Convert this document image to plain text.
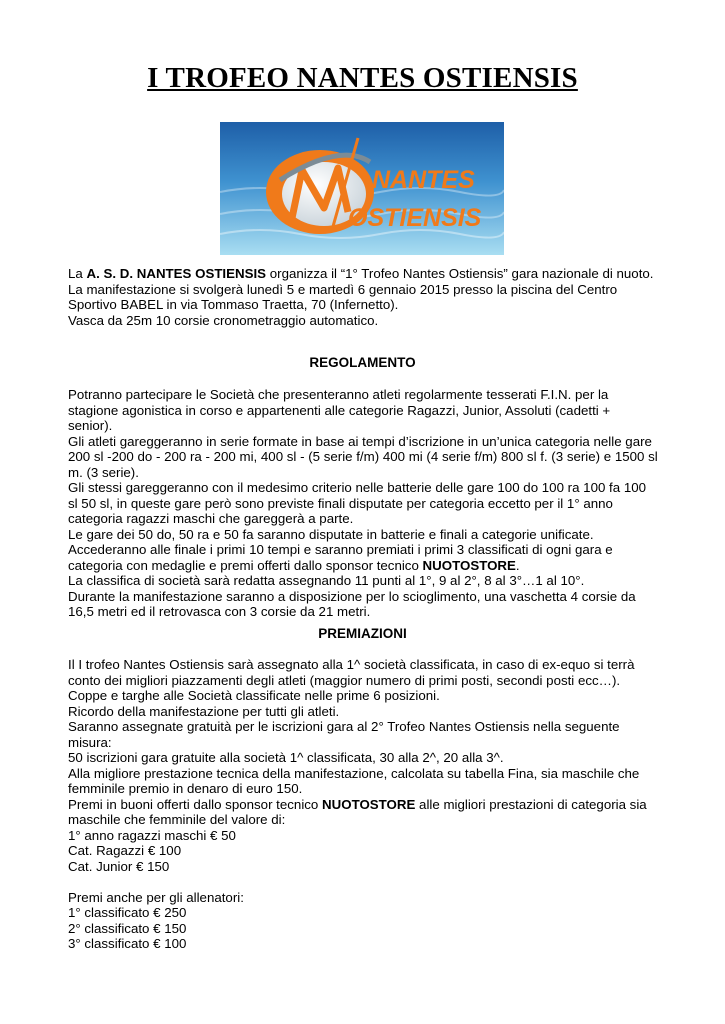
I TROFEO NANTES OSTIENSIS
NANTES
OSTIENSIS

La A. S. D. NANTES OSTIENSIS organizza il “1° Trofeo Nantes Ostiensis” gara nazionale di nuoto.

La manifestazione si svolgerà lunedì 5 e martedì 6 gennaio 2015 presso la piscina del Centro Sportivo BABEL in via Tommaso Traetta, 70 (Infernetto).

Vasca da 25m 10 corsie cronometraggio automatico.

REGOLAMENTO

Potranno partecipare le Società che presenteranno atleti regolarmente tesserati F.I.N. per la stagione agonistica in corso e appartenenti alle categorie Ragazzi, Junior, Assoluti (cadetti + senior).

Gli atleti gareggeranno in serie formate in base ai tempi d’iscrizione in un’unica categoria nelle gare 200 sl -200 do - 200 ra - 200 mi, 400 sl - (5 serie f/m) 400 mi (4 serie f/m) 800 sl f. (3 serie) e 1500 sl m. (3 serie).

Gli stessi gareggeranno con il medesimo criterio nelle batterie delle gare 100 do 100 ra 100 fa 100 sl 50 sl, in queste gare però sono previste finali disputate per categoria eccetto per il 1° anno categoria ragazzi maschi che gareggerà a parte.

Le gare dei 50 do, 50 ra e 50 fa saranno disputate in batterie e finali a categorie unificate.

Accederanno alle finale i primi 10 tempi e saranno premiati i primi 3 classificati di ogni gara e categoria con medaglie e premi offerti dallo sponsor tecnico NUOTOSTORE.

La classifica di società sarà redatta assegnando 11 punti al 1°, 9 al 2°, 8 al 3°…1 al 10°.

Durante la manifestazione saranno a disposizione per lo scioglimento, una vaschetta 4 corsie da 16,5 metri ed il retrovasca con 3 corsie da 21 metri.

PREMIAZIONI

Il I trofeo Nantes Ostiensis sarà assegnato alla 1^ società classificata, in caso di ex-equo si terrà conto dei migliori piazzamenti degli atleti (maggior numero di primi posti, secondi posti ecc…).

Coppe e targhe alle Società classificate nelle prime 6 posizioni.

Ricordo della manifestazione per tutti gli atleti.

Saranno assegnate gratuità per le iscrizioni gara al 2° Trofeo Nantes Ostiensis nella seguente misura:

50 iscrizioni gara gratuite alla società 1^ classificata, 30 alla 2^, 20 alla 3^.

Alla migliore prestazione tecnica della manifestazione, calcolata su tabella Fina, sia maschile che femminile premio in denaro di euro 150.

Premi in buoni offerti dallo sponsor tecnico NUOTOSTORE alle migliori prestazioni di categoria sia maschile che femminile del valore di:

1° anno ragazzi maschi € 50

Cat. Ragazzi € 100

Cat. Junior € 150

Premi anche per gli allenatori:

1° classificato € 250

2° classificato € 150

3° classificato € 100
